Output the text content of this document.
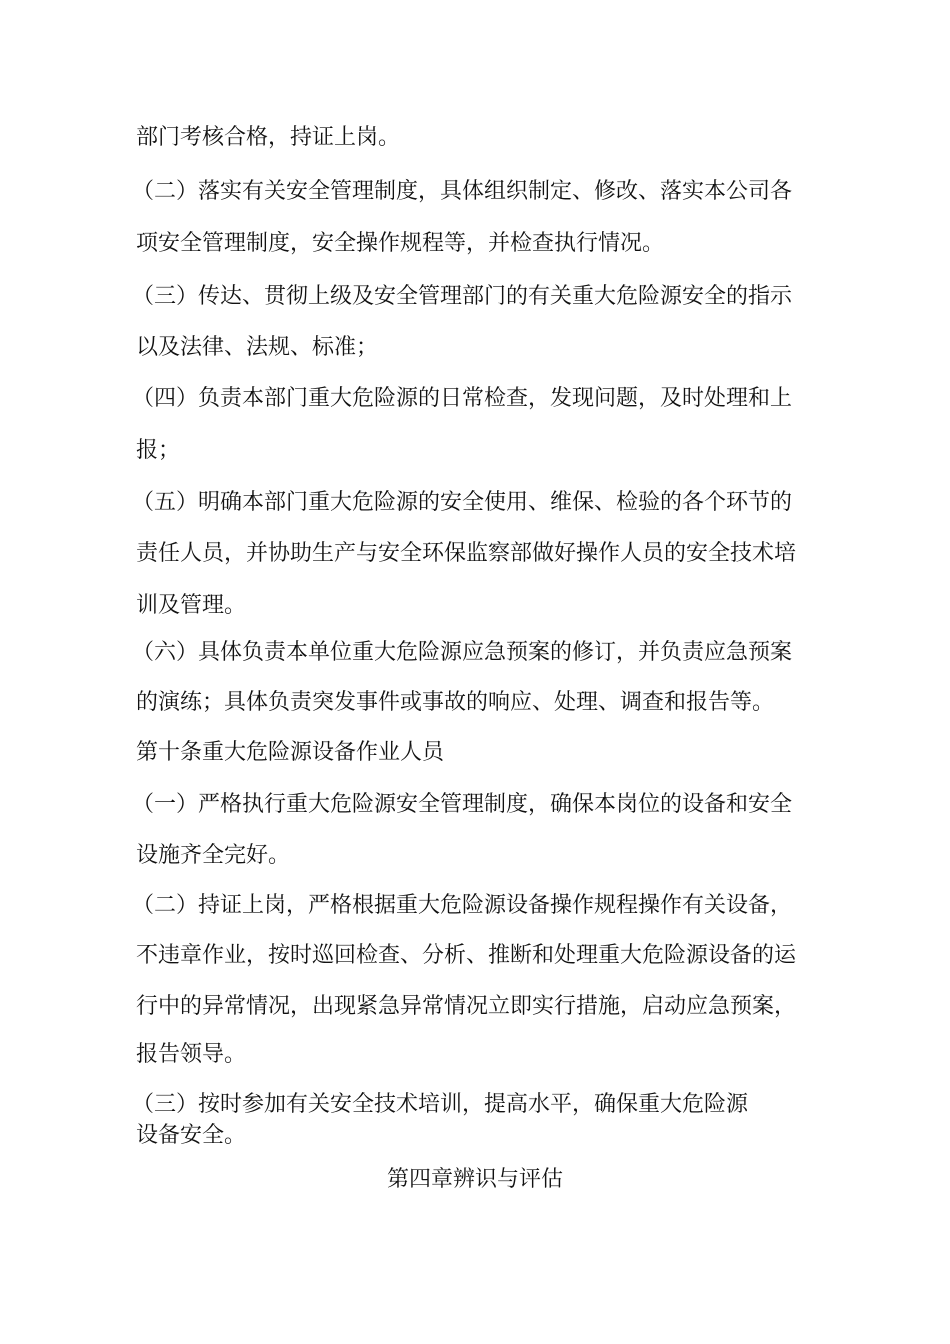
部门考核合格，持证上岗。
（二）落实有关安全管理制度，具体组织制定、修改、落实本公司各
项安全管理制度，安全操作规程等，并检查执行情况。
（三）传达、贯彻上级及安全管理部门的有关重大危险源安全的指示
以及法律、法规、标准；
（四）负责本部门重大危险源的日常检查，发现问题，及时处理和上
报；
（五）明确本部门重大危险源的安全使用、维保、检验的各个环节的
责任人员，并协助生产与安全环保监察部做好操作人员的安全技术培
训及管理。
（六）具体负责本单位重大危险源应急预案的修订，并负责应急预案
的演练；具体负责突发事件或事故的响应、处理、调查和报告等。
第十条重大危险源设备作业人员
（一）严格执行重大危险源安全管理制度，确保本岗位的设备和安全
设施齐全完好。
（二）持证上岗，严格根据重大危险源设备操作规程操作有关设备，
不违章作业，按时巡回检查、分析、推断和处理重大危险源设备的运
行中的异常情况，出现紧急异常情况立即实行措施，启动应急预案，
报告领导。
（三）按时参加有关安全技术培训，提高水平，确保重大危险源
设备安全。
第四章辨识与评估
